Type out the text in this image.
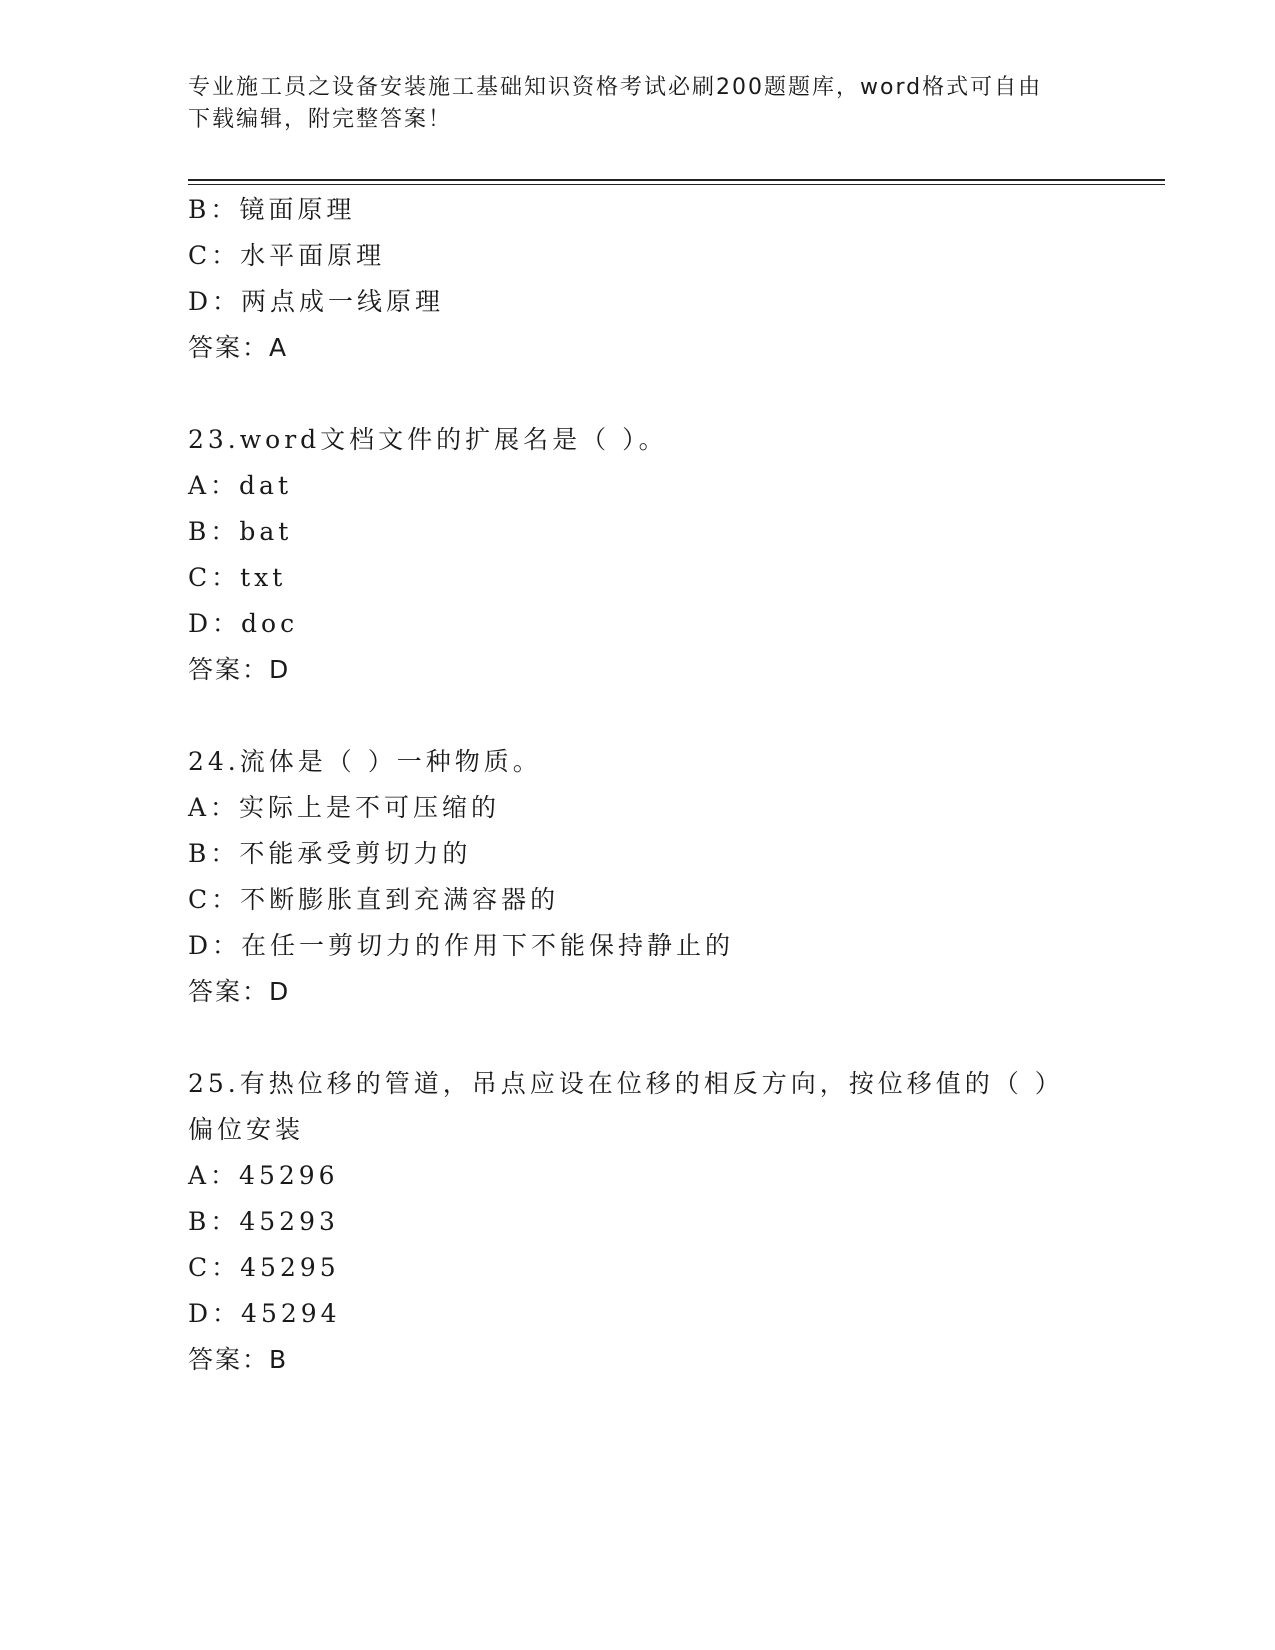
专业施工员之设备安装施工基础知识资格考试必刷200题题库，word格式可自由
下载编辑，附完整答案！
B：镜面原理
C：水平面原理
D：两点成一线原理
答案：A
23.word文档文件的扩展名是（ ）。
A：dat
B：bat
C：txt
D：doc
答案：D
24.流体是（ ）一种物质。
A：实际上是不可压缩的
B：不能承受剪切力的
C：不断膨胀直到充满容器的
D：在任一剪切力的作用下不能保持静止的
答案：D
25.有热位移的管道，吊点应设在位移的相反方向，按位移值的（ ）
偏位安装
A：45296
B：45293
C：45295
D：45294
答案：B
